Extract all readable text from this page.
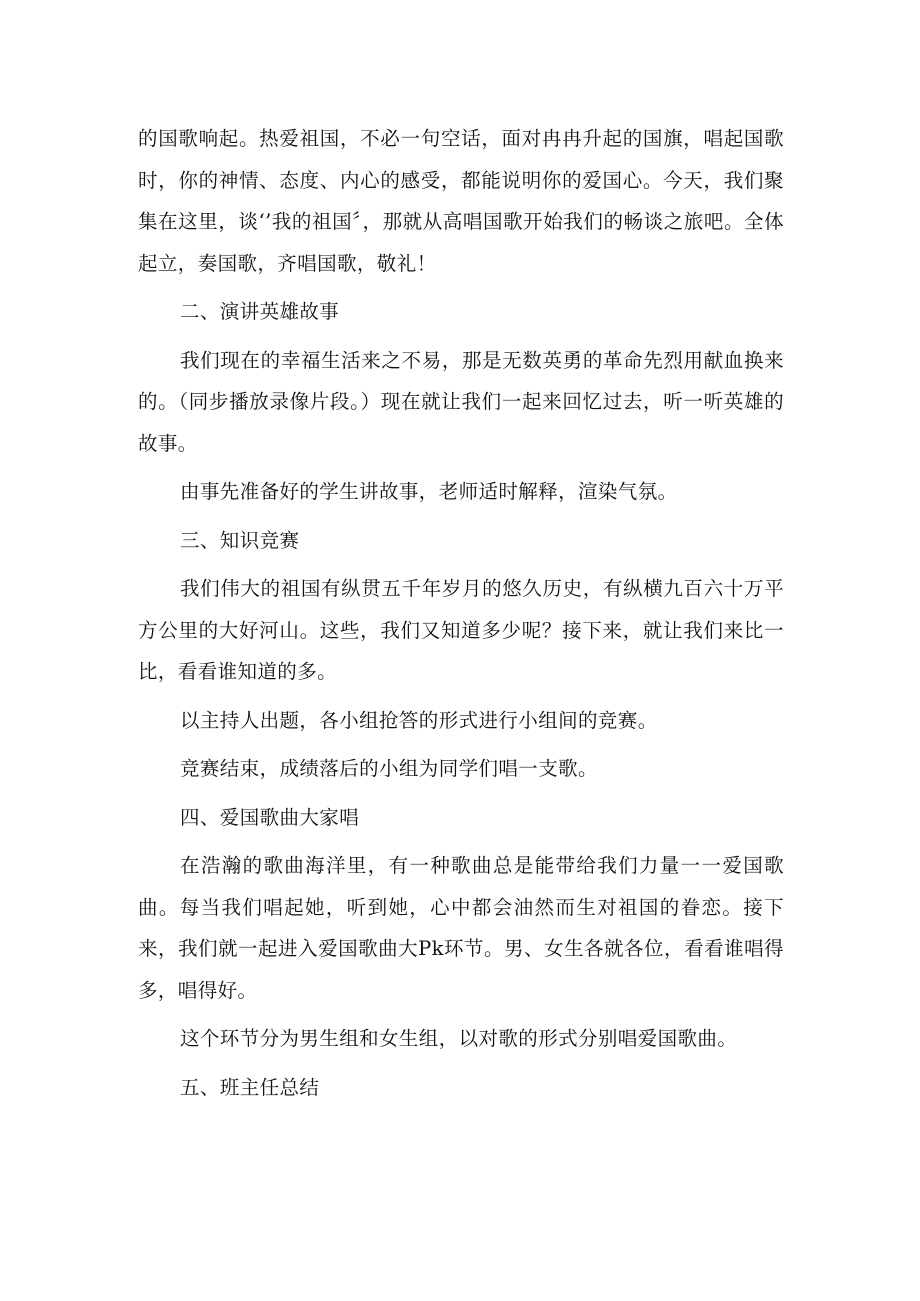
的国歌响起。热爱祖国，不必一句空话，面对冉冉升起的国旗，唱起国歌时，你的神情、态度、内心的感受，都能说明你的爱国心。今天，我们聚集在这里，谈‘’我的祖国〞，那就从高唱国歌开始我们的畅谈之旅吧。全体起立，奏国歌，齐唱国歌，敬礼！

二、演讲英雄故事

我们现在的幸福生活来之不易，那是无数英勇的革命先烈用献血换来的。（同步播放录像片段。）现在就让我们一起来回忆过去，听一听英雄的故事。

由事先准备好的学生讲故事，老师适时解释，渲染气氛。

三、知识竞赛

我们伟大的祖国有纵贯五千年岁月的悠久历史，有纵横九百六十万平方公里的大好河山。这些，我们又知道多少呢？接下来，就让我们来比一比，看看谁知道的多。

以主持人出题，各小组抢答的形式进行小组间的竞赛。

竞赛结束，成绩落后的小组为同学们唱一支歌。

四、爱国歌曲大家唱

在浩瀚的歌曲海洋里，有一种歌曲总是能带给我们力量一一爱国歌曲。每当我们唱起她，听到她，心中都会油然而生对祖国的眷恋。接下来，我们就一起进入爱国歌曲大Pk环节。男、女生各就各位，看看谁唱得多，唱得好。

这个环节分为男生组和女生组，以对歌的形式分别唱爱国歌曲。

五、班主任总结
